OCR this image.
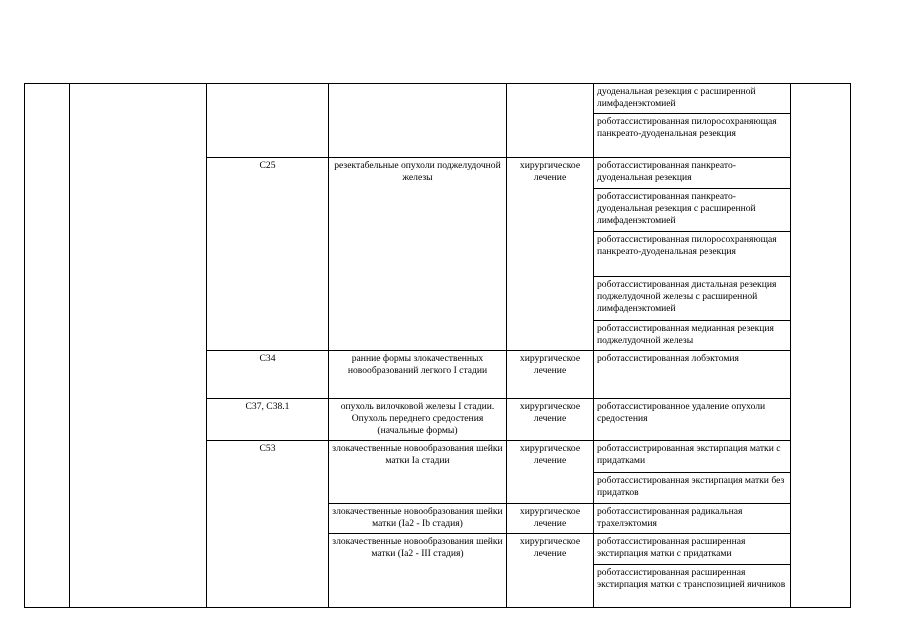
					дуоденальная резекция с расширенной лимфаденэктомией	
					роботассистированная пилоросохраняющая панкреато-дуоденальная резекция	
		C25	резектабельные опухоли поджелудочной железы	хирургическое лечение	роботассистированная панкреато-дуоденальная резекция	
					роботассистированная панкреато-дуоденальная резекция с расширенной лимфаденэктомией	
					роботассистированная пилоросохраняющая панкреато-дуоденальная резекция	
					роботассистированная дистальная резекция поджелудочной железы с расширенной лимфаденэктомией	
					роботассистированная медианная резекция поджелудочной железы	
		C34	ранние формы злокачественных новообразований легкого I стадии	хирургическое лечение	роботассистированная лобэктомия	
		C37, C38.1	опухоль вилочковой железы I стадии. Опухоль переднего средостения (начальные формы)	хирургическое лечение	роботассистированное удаление опухоли средостения	
		C53	злокачественные новообразования шейки матки Ia стадии	хирургическое лечение	роботассистрированная экстирпация матки с придатками	
					роботассистированная экстирпация матки без придатков	
			злокачественные новообразования шейки матки (Ia2 - Ib стадия)	хирургическое лечение	роботассистированная радикальная трахелэктомия	
			злокачественные новообразования шейки матки (Ia2 - III стадия)	хирургическое лечение	роботассистированная расширенная экстирпация матки с придатками	
					роботассистированная расширенная экстирпация матки с транспозицией яичников	
